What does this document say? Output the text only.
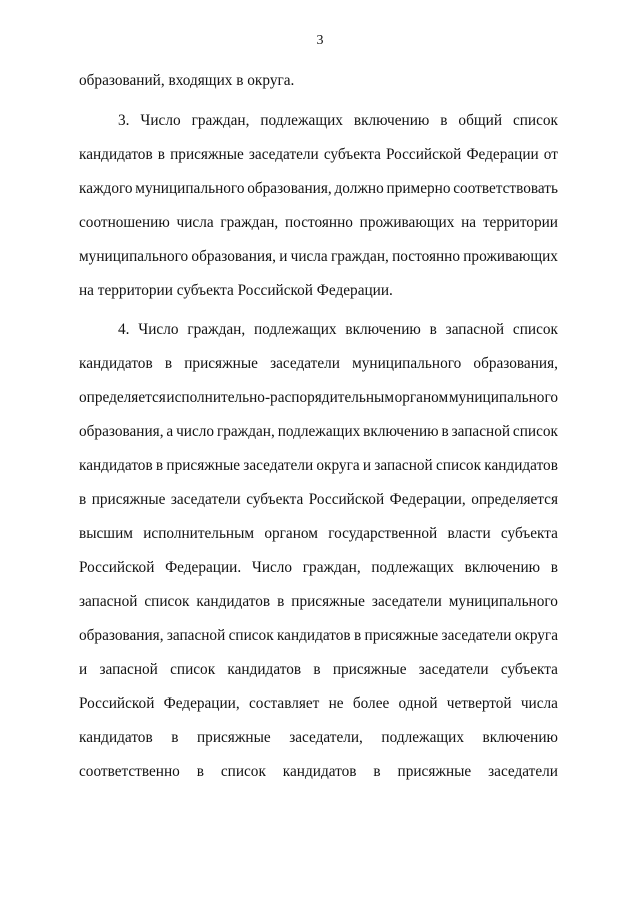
3
образований, входящих в округа.
3. Число граждан, подлежащих включению в общий список
кандидатов в присяжные заседатели субъекта Российской Федерации от
каждого муниципального образования, должно примерно соответствовать
соотношению числа граждан, постоянно проживающих на территории
муниципального образования, и числа граждан, постоянно проживающих
на территории субъекта Российской Федерации.
4. Число граждан, подлежащих включению в запасной список
кандидатов в присяжные заседатели муниципального образования,
определяется исполнительно-распорядительным органом муниципального
образования, а число граждан, подлежащих включению в запасной список
кандидатов в присяжные заседатели округа и запасной список кандидатов
в присяжные заседатели субъекта Российской Федерации, определяется
высшим исполнительным органом государственной власти субъекта
Российской Федерации. Число граждан, подлежащих включению в
запасной список кандидатов в присяжные заседатели муниципального
образования, запасной список кандидатов в присяжные заседатели округа
и запасной список кандидатов в присяжные заседатели субъекта
Российской Федерации, составляет не более одной четвертой числа
кандидатов в присяжные заседатели, подлежащих включению
соответственно в список кандидатов в присяжные заседатели
